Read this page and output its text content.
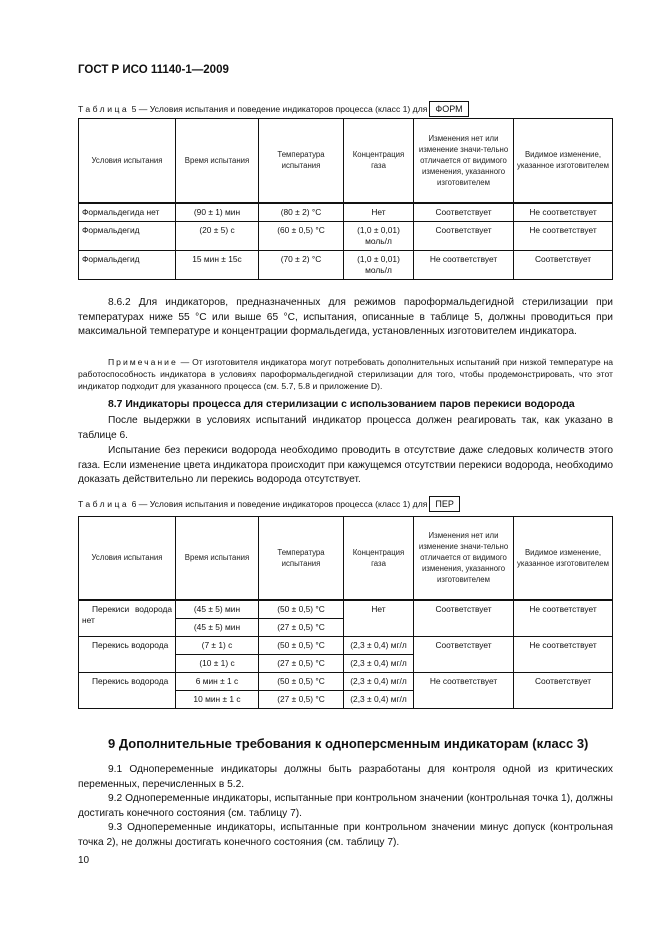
ГОСТ Р ИСО 11140-1—2009
Таблица 5 — Условия испытания и поведение индикаторов процесса (класс 1) для ФОРМ
Условия испытания	Время испытания	Температура испытания	Концентрация газа	Изменения нет или изменение значи-тельно отличается от видимого изменения, указанного изготовителем	Видимое изменение, указанное изготовителем
Формальдегида нет	(90 ± 1) мин	(80 ± 2) °C	Нет	Соответствует	Не соответствует
Формальдегид	(20 ± 5) с	(60 ± 0,5) °C	(1,0 ± 0,01) моль/л	Соответствует	Не соответствует
Формальдегид	15 мин ± 15с	(70 ± 2) °C	(1,0 ± 0,01) моль/л	Не соответствует	Соответствует
8.6.2 Для индикаторов, предназначенных для режимов пароформальдегидной стерилизации при температурах ниже 55 °С или выше 65 °С, испытания, описанные в таблице 5, должны проводиться при максимальной температуре и концентрации формальдегида, установленных изготовителем индикатора.
Примечание — От изготовителя индикатора могут потребовать дополнительных испытаний при низкой температуре на работоспособность индикатора в условиях пароформальдегидной стерилизации для того, чтобы продемонстрировать, что этот индикатор подходит для указанного процесса (см. 5.7, 5.8 и приложение D).
8.7 Индикаторы процесса для стерилизации с использованием паров перекиси водорода
После выдержки в условиях испытаний индикатор процесса должен реагировать так, как указано в таблице 6.
Испытание без перекиси водорода необходимо проводить в отсутствие даже следовых количеств этого газа. Если изменение цвета индикатора происходит при кажущемся отсутствии перекиси водорода, необходимо доказать действительно ли перекись водорода отсутствует.
Таблица 6 — Условия испытания и поведение индикаторов процесса (класс 1) для ПЕР
Условия испытания	Время испытания	Температура испытания	Концентрация газа	Изменения нет или изменение значи-тельно отличается от видимого изменения, указанного изготовителем	Видимое изменение, указанное изготовителем
Перекиси водорода нет	(45 ± 5) мин	(50 ± 0,5) °C	Нет	Соответствует	Не соответствует
	(45 ± 5) мин	(27 ± 0,5) °C			
Перекись водорода	(7 ± 1) с	(50 ± 0,5) °C	(2,3 ± 0,4) мг/л	Соответствует	Не соответствует
	(10 ± 1) с	(27 ± 0,5) °C	(2,3 ± 0,4) мг/л		
Перекись водорода	6 мин ± 1 с	(50 ± 0,5) °C	(2,3 ± 0,4) мг/л	Не соответствует	Соответствует
	10 мин ± 1 с	(27 ± 0,5) °C	(2,3 ± 0,4) мг/л		
9 Дополнительные требования к одноперсменным индикаторам (класс 3)
9.1 Однопеременные индикаторы должны быть разработаны для контроля одной из критических переменных, перечисленных в 5.2.
9.2 Однопеременные индикаторы, испытанные при контрольном значении (контрольная точка 1), должны достигать конечного состояния (см. таблицу 7).
9.3 Однопеременные индикаторы, испытанные при контрольном значении минус допуск (контрольная точка 2), не должны достигать конечного состояния (см. таблицу 7).
10
